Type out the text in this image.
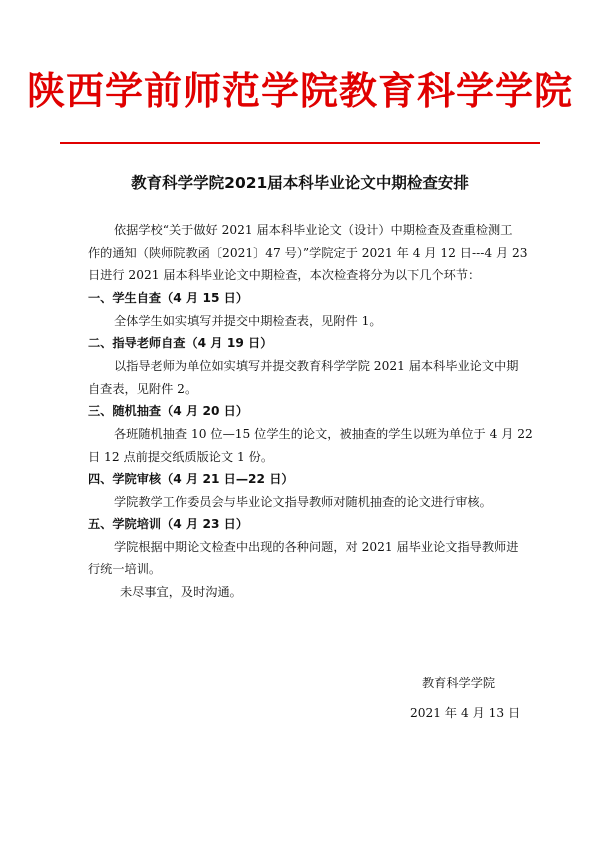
陕西学前师范学院教育科学学院
教育科学学院2021届本科毕业论文中期检查安排
依据学校“关于做好 2021 届本科毕业论文（设计）中期检查及查重检测工
作的通知（陕师院教函〔2021〕47 号）”学院定于 2021 年 4 月 12 日---4 月 23
日进行 2021 届本科毕业论文中期检查，本次检查将分为以下几个环节：
一、学生自查（4 月 15 日）
全体学生如实填写并提交中期检查表，见附件 1。
二、指导老师自查（4 月 19 日）
以指导老师为单位如实填写并提交教育科学学院 2021 届本科毕业论文中期
自查表，见附件 2。
三、随机抽查（4 月 20 日）
各班随机抽查 10 位—15 位学生的论文，被抽查的学生以班为单位于 4 月 22
日 12 点前提交纸质版论文 1 份。
四、学院审核（4 月 21 日—22 日）
学院教学工作委员会与毕业论文指导教师对随机抽查的论文进行审核。
五、学院培训（4 月 23 日）
学院根据中期论文检查中出现的各种问题，对 2021 届毕业论文指导教师进
行统一培训。
未尽事宜，及时沟通。
教育科学学院
2021 年 4 月 13 日
